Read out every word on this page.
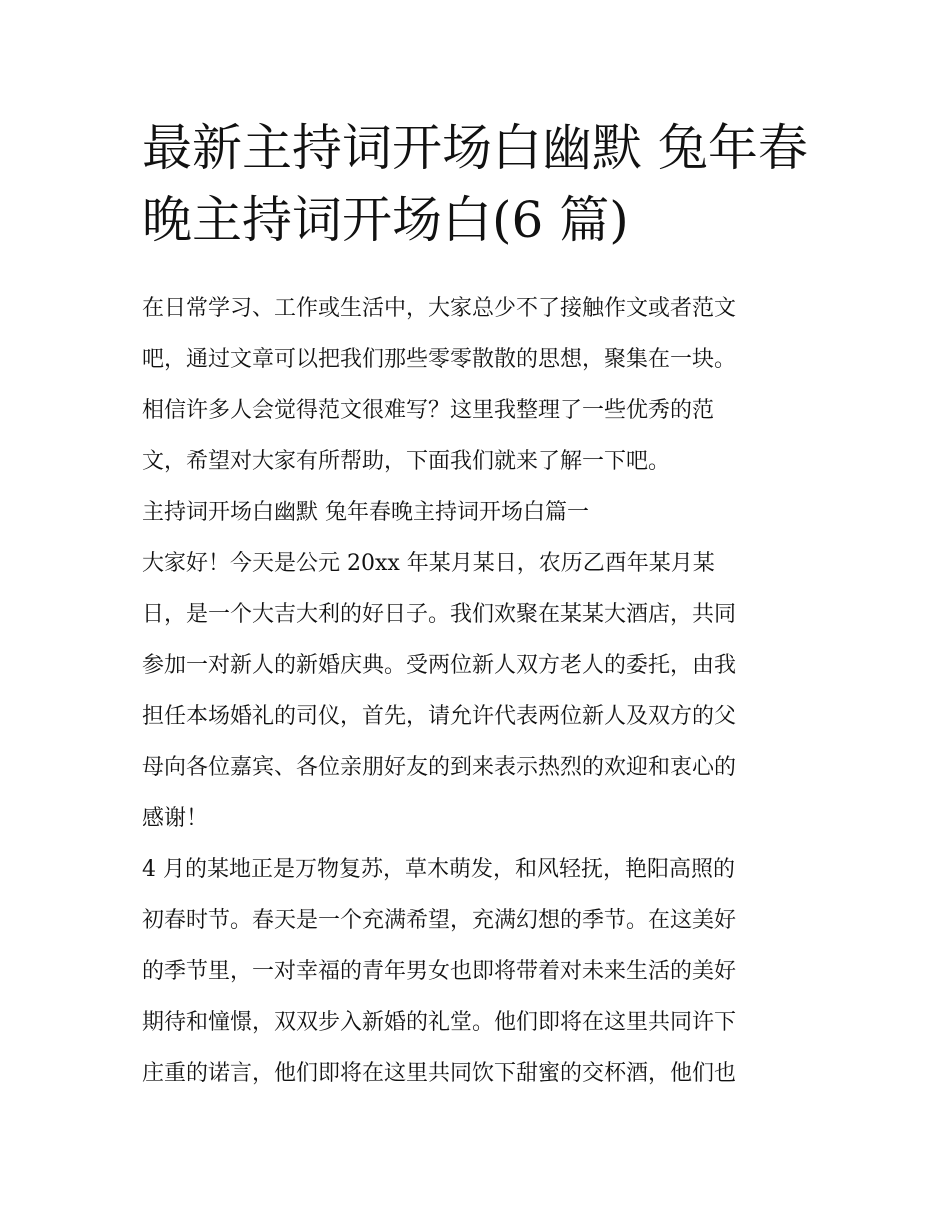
最新主持词开场白幽默 兔年春
晚主持词开场白(6 篇)

在日常学习、工作或生活中，大家总少不了接触作文或者范文

吧，通过文章可以把我们那些零零散散的思想，聚集在一块。

相信许多人会觉得范文很难写？这里我整理了一些优秀的范

文，希望对大家有所帮助，下面我们就来了解一下吧。

主持词开场白幽默 兔年春晚主持词开场白篇一

大家好！今天是公元 20xx 年某月某日，农历乙酉年某月某

日，是一个大吉大利的好日子。我们欢聚在某某大酒店，共同

参加一对新人的新婚庆典。受两位新人双方老人的委托，由我

担任本场婚礼的司仪，首先，请允许代表两位新人及双方的父

母向各位嘉宾、各位亲朋好友的到来表示热烈的欢迎和衷心的

感谢！

4 月的某地正是万物复苏，草木萌发，和风轻抚，艳阳高照的

初春时节。春天是一个充满希望，充满幻想的季节。在这美好

的季节里，一对幸福的青年男女也即将带着对未来生活的美好

期待和憧憬，双双步入新婚的礼堂。他们即将在这里共同许下

庄重的诺言，他们即将在这里共同饮下甜蜜的交杯酒，他们也
